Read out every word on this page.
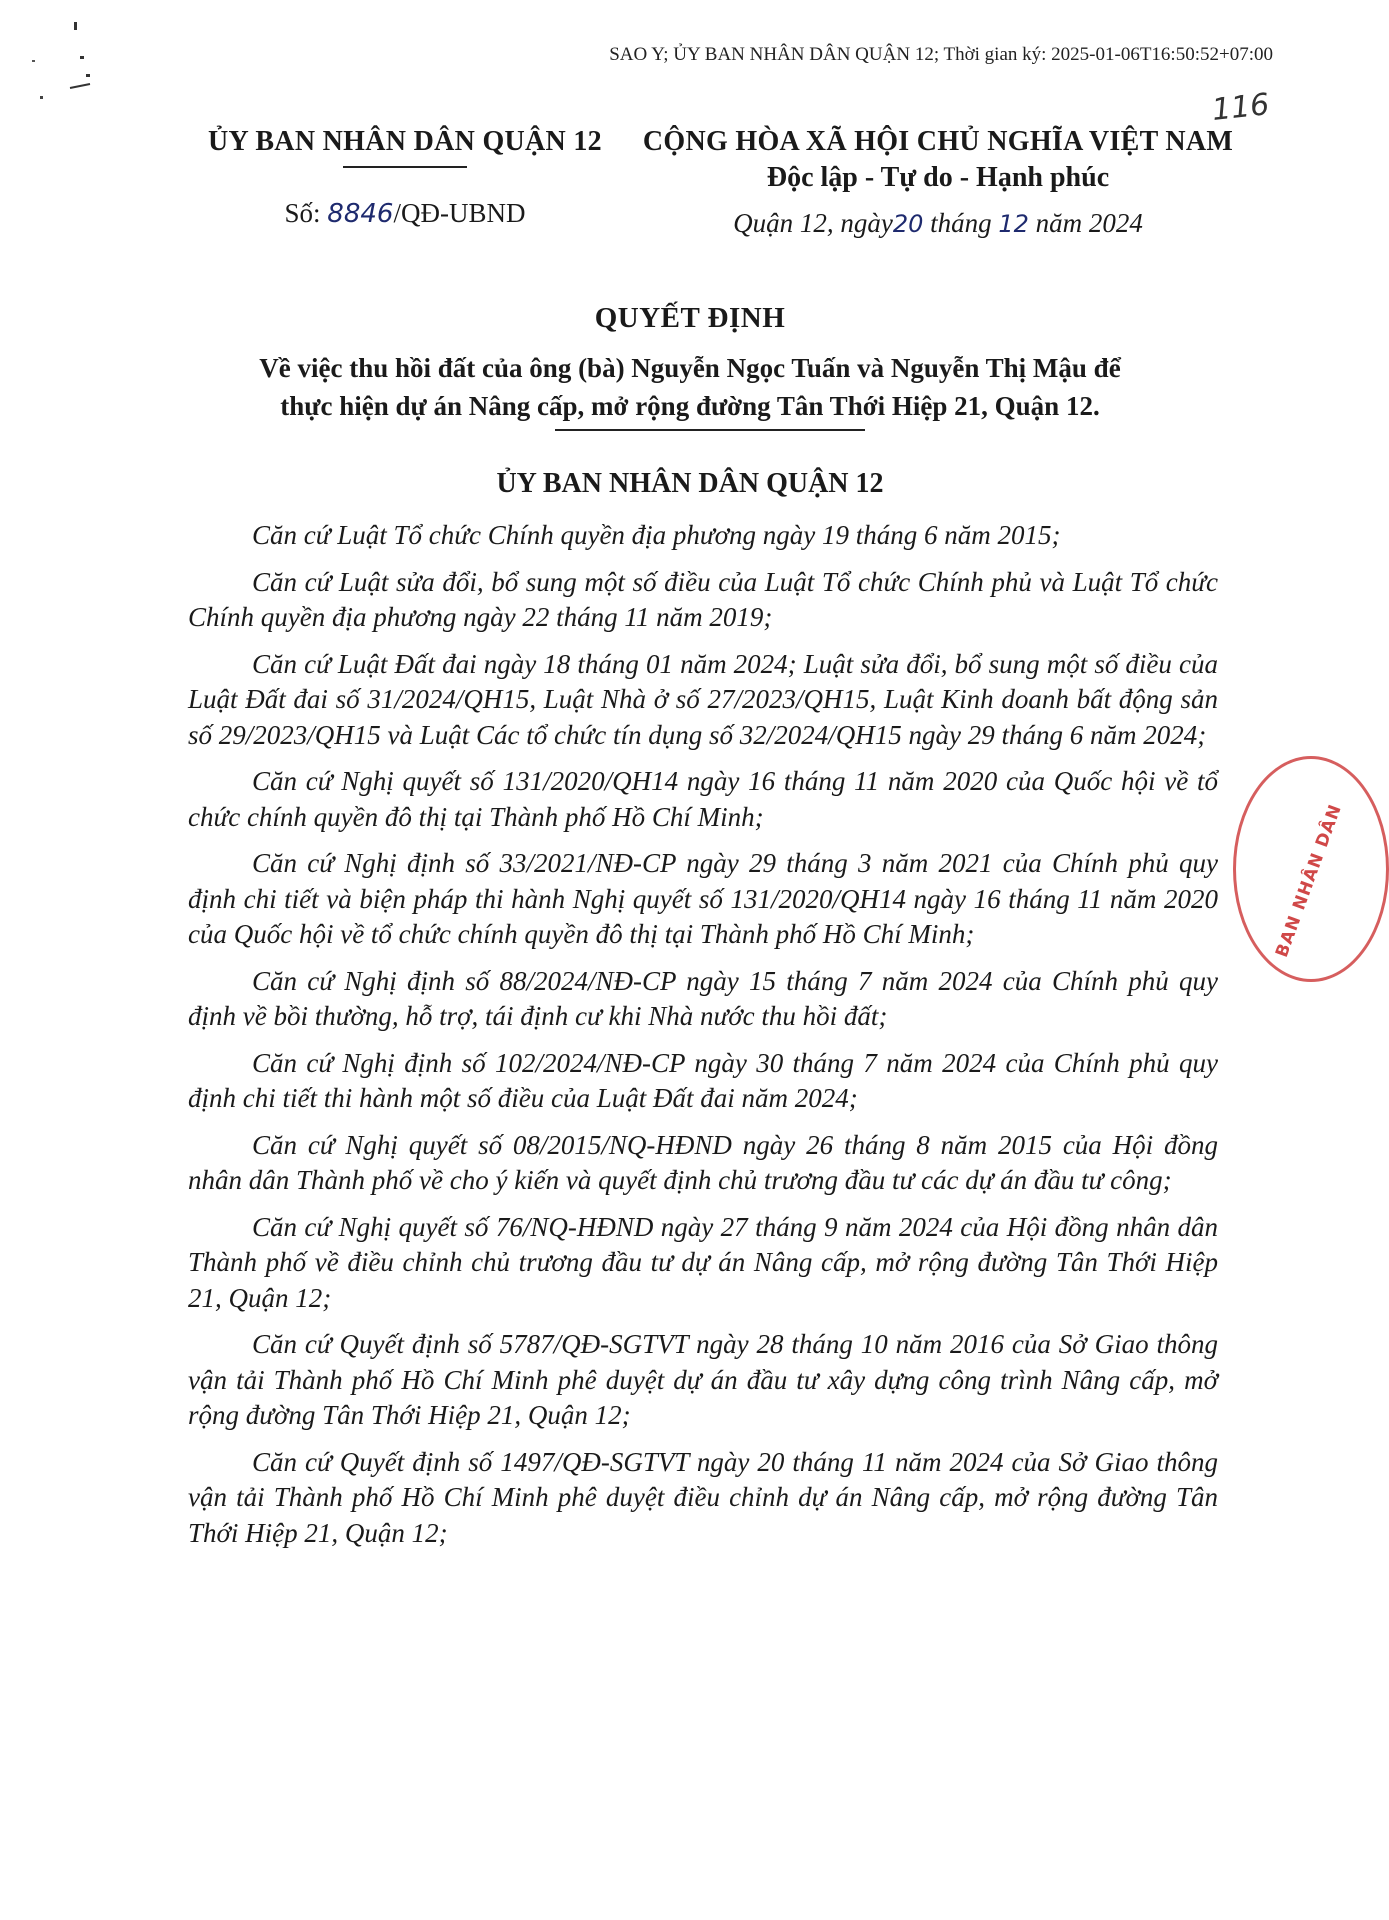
SAO Y; ỦY BAN NHÂN DÂN QUẬN 12; Thời gian ký: 2025-01-06T16:50:52+07:00
116
ỦY BAN NHÂN DÂN QUẬN 12
Số: 8846/QĐ-UBND
CỘNG HÒA XÃ HỘI CHỦ NGHĨA VIỆT NAM
Độc lập - Tự do - Hạnh phúc
Quận 12, ngày20 tháng 12 năm 2024
QUYẾT ĐỊNH
Về việc thu hồi đất của ông (bà) Nguyễn Ngọc Tuấn và Nguyễn Thị Mậu để
thực hiện dự án Nâng cấp, mở rộng đường Tân Thới Hiệp 21, Quận 12.
ỦY BAN NHÂN DÂN QUẬN 12

Căn cứ Luật Tổ chức Chính quyền địa phương ngày 19 tháng 6 năm 2015;

Căn cứ Luật sửa đổi, bổ sung một số điều của Luật Tổ chức Chính phủ và Luật Tổ chức Chính quyền địa phương ngày 22 tháng 11 năm 2019;

Căn cứ Luật Đất đai ngày 18 tháng 01 năm 2024; Luật sửa đổi, bổ sung một số điều của Luật Đất đai số 31/2024/QH15, Luật Nhà ở số 27/2023/QH15, Luật Kinh doanh bất động sản số 29/2023/QH15 và Luật Các tổ chức tín dụng số 32/2024/QH15 ngày 29 tháng 6 năm 2024;

Căn cứ Nghị quyết số 131/2020/QH14 ngày 16 tháng 11 năm 2020 của Quốc hội về tổ chức chính quyền đô thị tại Thành phố Hồ Chí Minh;

Căn cứ Nghị định số 33/2021/NĐ-CP ngày 29 tháng 3 năm 2021 của Chính phủ quy định chi tiết và biện pháp thi hành Nghị quyết số 131/2020/QH14 ngày 16 tháng 11 năm 2020 của Quốc hội về tổ chức chính quyền đô thị tại Thành phố Hồ Chí Minh;

Căn cứ Nghị định số 88/2024/NĐ-CP ngày 15 tháng 7 năm 2024 của Chính phủ quy định về bồi thường, hỗ trợ, tái định cư khi Nhà nước thu hồi đất;

Căn cứ Nghị định số 102/2024/NĐ-CP ngày 30 tháng 7 năm 2024 của Chính phủ quy định chi tiết thi hành một số điều của Luật Đất đai năm 2024;

Căn cứ Nghị quyết số 08/2015/NQ-HĐND ngày 26 tháng 8 năm 2015 của Hội đồng nhân dân Thành phố về cho ý kiến và quyết định chủ trương đầu tư các dự án đầu tư công;

Căn cứ Nghị quyết số 76/NQ-HĐND ngày 27 tháng 9 năm 2024 của Hội đồng nhân dân Thành phố về điều chỉnh chủ trương đầu tư dự án Nâng cấp, mở rộng đường Tân Thới Hiệp 21, Quận 12;

Căn cứ Quyết định số 5787/QĐ-SGTVT ngày 28 tháng 10 năm 2016 của Sở Giao thông vận tải Thành phố Hồ Chí Minh phê duyệt dự án đầu tư xây dựng công trình Nâng cấp, mở rộng đường Tân Thới Hiệp 21, Quận 12;

Căn cứ Quyết định số 1497/QĐ-SGTVT ngày 20 tháng 11 năm 2024 của Sở Giao thông vận tải Thành phố Hồ Chí Minh phê duyệt điều chỉnh dự án Nâng cấp, mở rộng đường Tân Thới Hiệp 21, Quận 12;

BAN NHÂN DÂN
